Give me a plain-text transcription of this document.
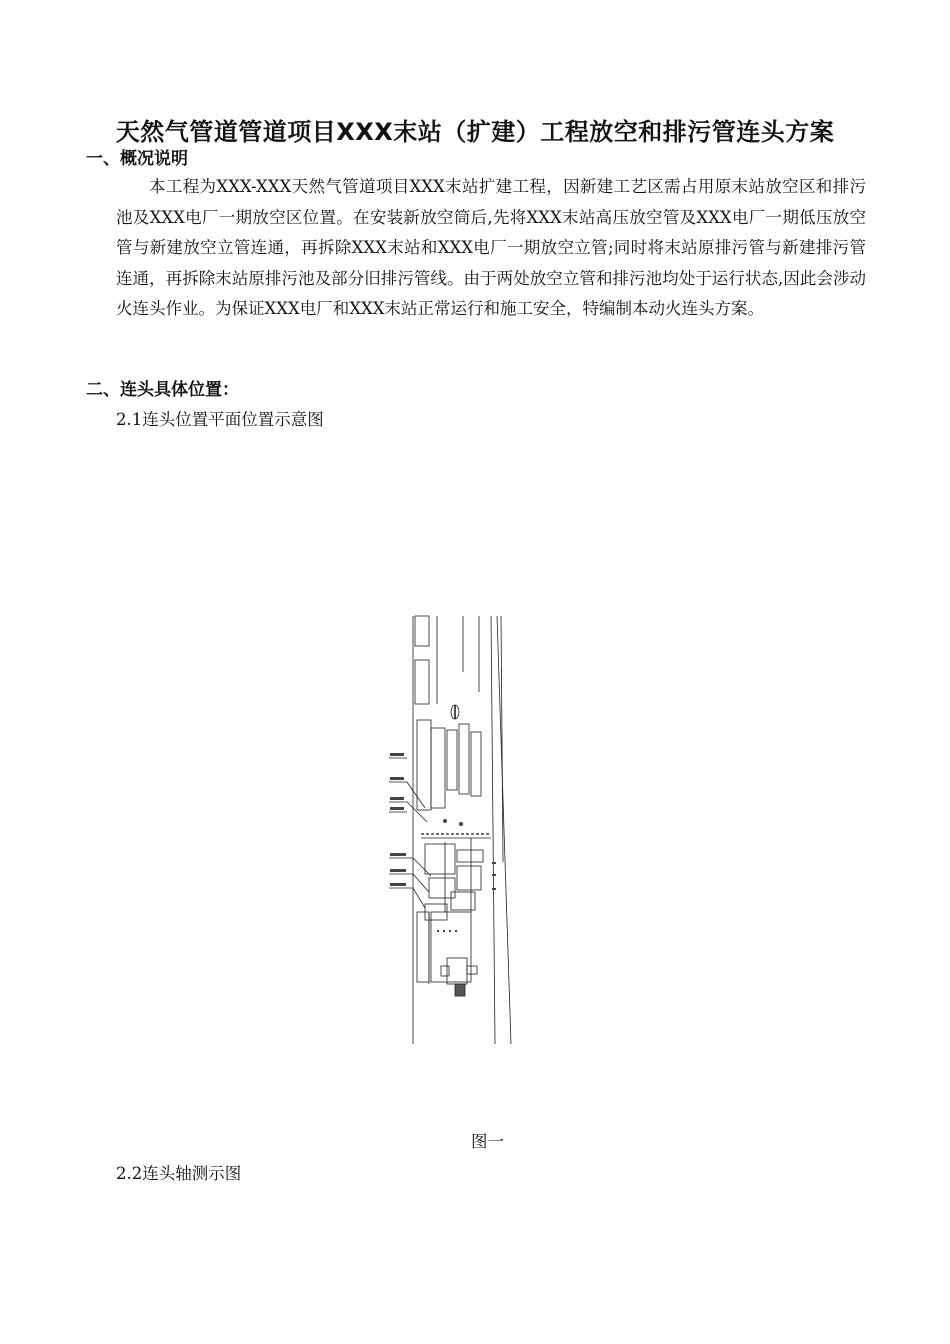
天然气管道管道项目XXX末站（扩建）工程放空和排污管连头方案
一、概况说明

本工程为XXX-XXX天然气管道项目XXX末站扩建工程，因新建工艺区需占用原末站放空区和排污池及XXX电厂一期放空区位置。在安装新放空筒后,先将XXX末站高压放空管及XXX电厂一期低压放空管与新建放空立管连通，再拆除XXX末站和XXX电厂一期放空立管;同时将末站原排污管与新建排污管连通，再拆除末站原排污池及部分旧排污管线。由于两处放空立管和排污池均处于运行状态,因此会涉动火连头作业。为保证XXX电厂和XXX末站正常运行和施工安全，特编制本动火连头方案。

二、连头具体位置：

2.1连头位置平面位置示意图

图一

2.2连头轴测示图
